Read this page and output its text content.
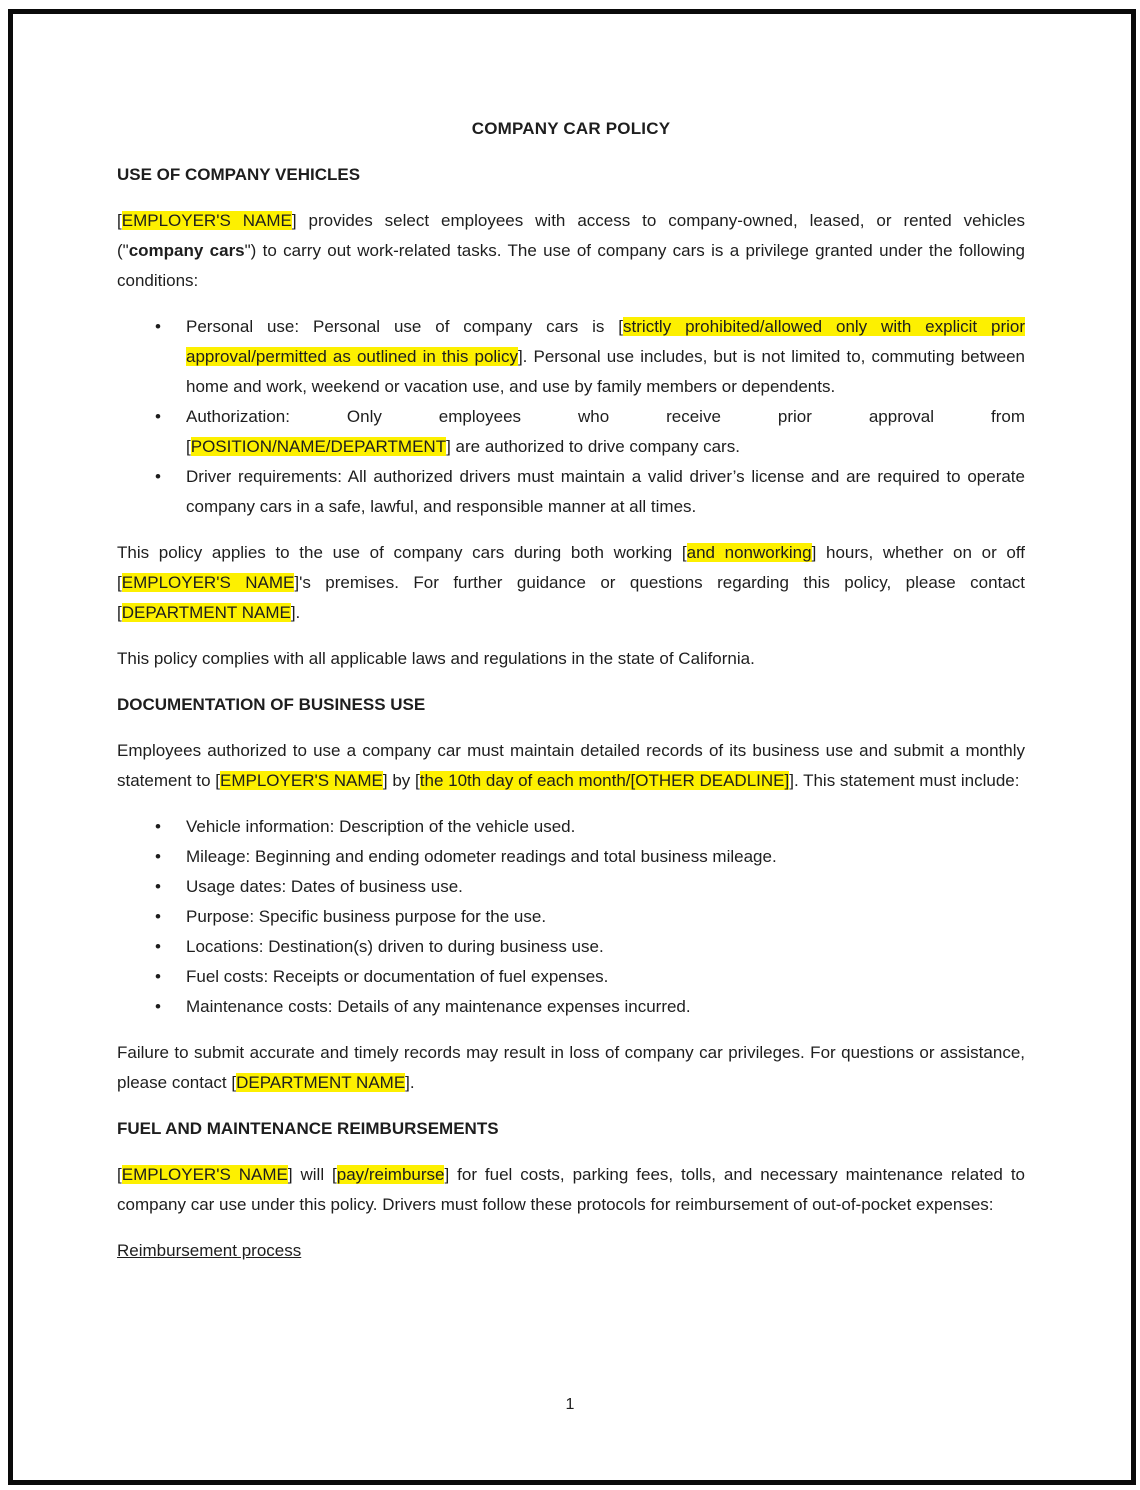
COMPANY CAR POLICY
USE OF COMPANY VEHICLES
[EMPLOYER'S NAME] provides select employees with access to company-owned, leased, or rented vehicles ("company cars") to carry out work-related tasks. The use of company cars is a privilege granted under the following conditions:
• Personal use: Personal use of company cars is [strictly prohibited/allowed only with explicit prior approval/permitted as outlined in this policy]. Personal use includes, but is not limited to, commuting between home and work, weekend or vacation use, and use by family members or dependents.
• Authorization: Only employees who receive prior approval from [POSITION/NAME/DEPARTMENT] are authorized to drive company cars.
• Driver requirements: All authorized drivers must maintain a valid driver’s license and are required to operate company cars in a safe, lawful, and responsible manner at all times.
This policy applies to the use of company cars during both working [and nonworking] hours, whether on or off [EMPLOYER'S NAME]'s premises. For further guidance or questions regarding this policy, please contact [DEPARTMENT NAME].
This policy complies with all applicable laws and regulations in the state of California.
DOCUMENTATION OF BUSINESS USE
Employees authorized to use a company car must maintain detailed records of its business use and submit a monthly statement to [EMPLOYER'S NAME] by [the 10th day of each month/[OTHER DEADLINE]]. This statement must include:
• Vehicle information: Description of the vehicle used.
• Mileage: Beginning and ending odometer readings and total business mileage.
• Usage dates: Dates of business use.
• Purpose: Specific business purpose for the use.
• Locations: Destination(s) driven to during business use.
• Fuel costs: Receipts or documentation of fuel expenses.
• Maintenance costs: Details of any maintenance expenses incurred.
Failure to submit accurate and timely records may result in loss of company car privileges. For questions or assistance, please contact [DEPARTMENT NAME].
FUEL AND MAINTENANCE REIMBURSEMENTS
[EMPLOYER'S NAME] will [pay/reimburse] for fuel costs, parking fees, tolls, and necessary maintenance related to company car use under this policy. Drivers must follow these protocols for reimbursement of out-of-pocket expenses:
Reimbursement process
1
